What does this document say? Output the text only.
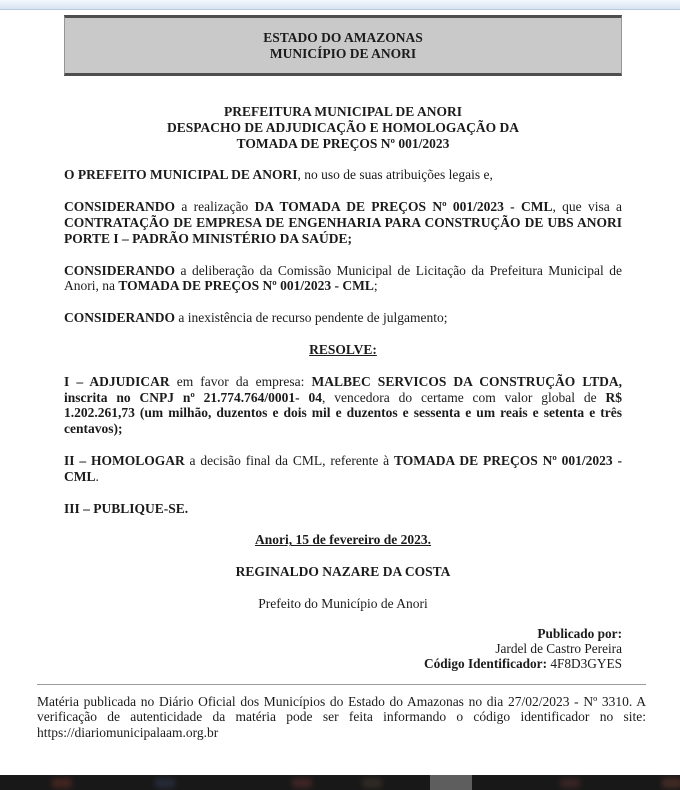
ESTADO DO AMAZONAS
MUNICÍPIO DE ANORI
PREFEITURA MUNICIPAL DE ANORI
DESPACHO DE ADJUDICAÇÃO E HOMOLOGAÇÃO DA
TOMADA DE PREÇOS Nº 001/2023
O PREFEITO MUNICIPAL DE ANORI, no uso de suas atribuições legais e,
CONSIDERANDO a realização DA TOMADA DE PREÇOS Nº 001/2023 - CML, que visa a CONTRATAÇÃO DE EMPRESA DE ENGENHARIA PARA CONSTRUÇÃO DE UBS ANORI PORTE I – PADRÃO MINISTÉRIO DA SAÚDE;
CONSIDERANDO a deliberação da Comissão Municipal de Licitação da Prefeitura Municipal de Anori, na TOMADA DE PREÇOS Nº 001/2023 - CML;
CONSIDERANDO a inexistência de recurso pendente de julgamento;
RESOLVE:
I – ADJUDICAR em favor da empresa: MALBEC SERVICOS DA CONSTRUÇÃO LTDA, inscrita no CNPJ nº 21.774.764/0001- 04, vencedora do certame com valor global de R$ 1.202.261,73 (um milhão, duzentos e dois mil e duzentos e sessenta e um reais e setenta e três centavos);
II – HOMOLOGAR a decisão final da CML, referente à TOMADA DE PREÇOS Nº 001/2023 - CML.
III – PUBLIQUE-SE.
Anori, 15 de fevereiro de 2023.
REGINALDO NAZARE DA COSTA
Prefeito do Município de Anori
Publicado por:
Jardel de Castro Pereira
Código Identificador: 4F8D3GYES
Matéria publicada no Diário Oficial dos Municípios do Estado do Amazonas no dia 27/02/2023 - Nº 3310. A verificação de autenticidade da matéria pode ser feita informando o código identificador no site: https://diariomunicipalaam.org.br
